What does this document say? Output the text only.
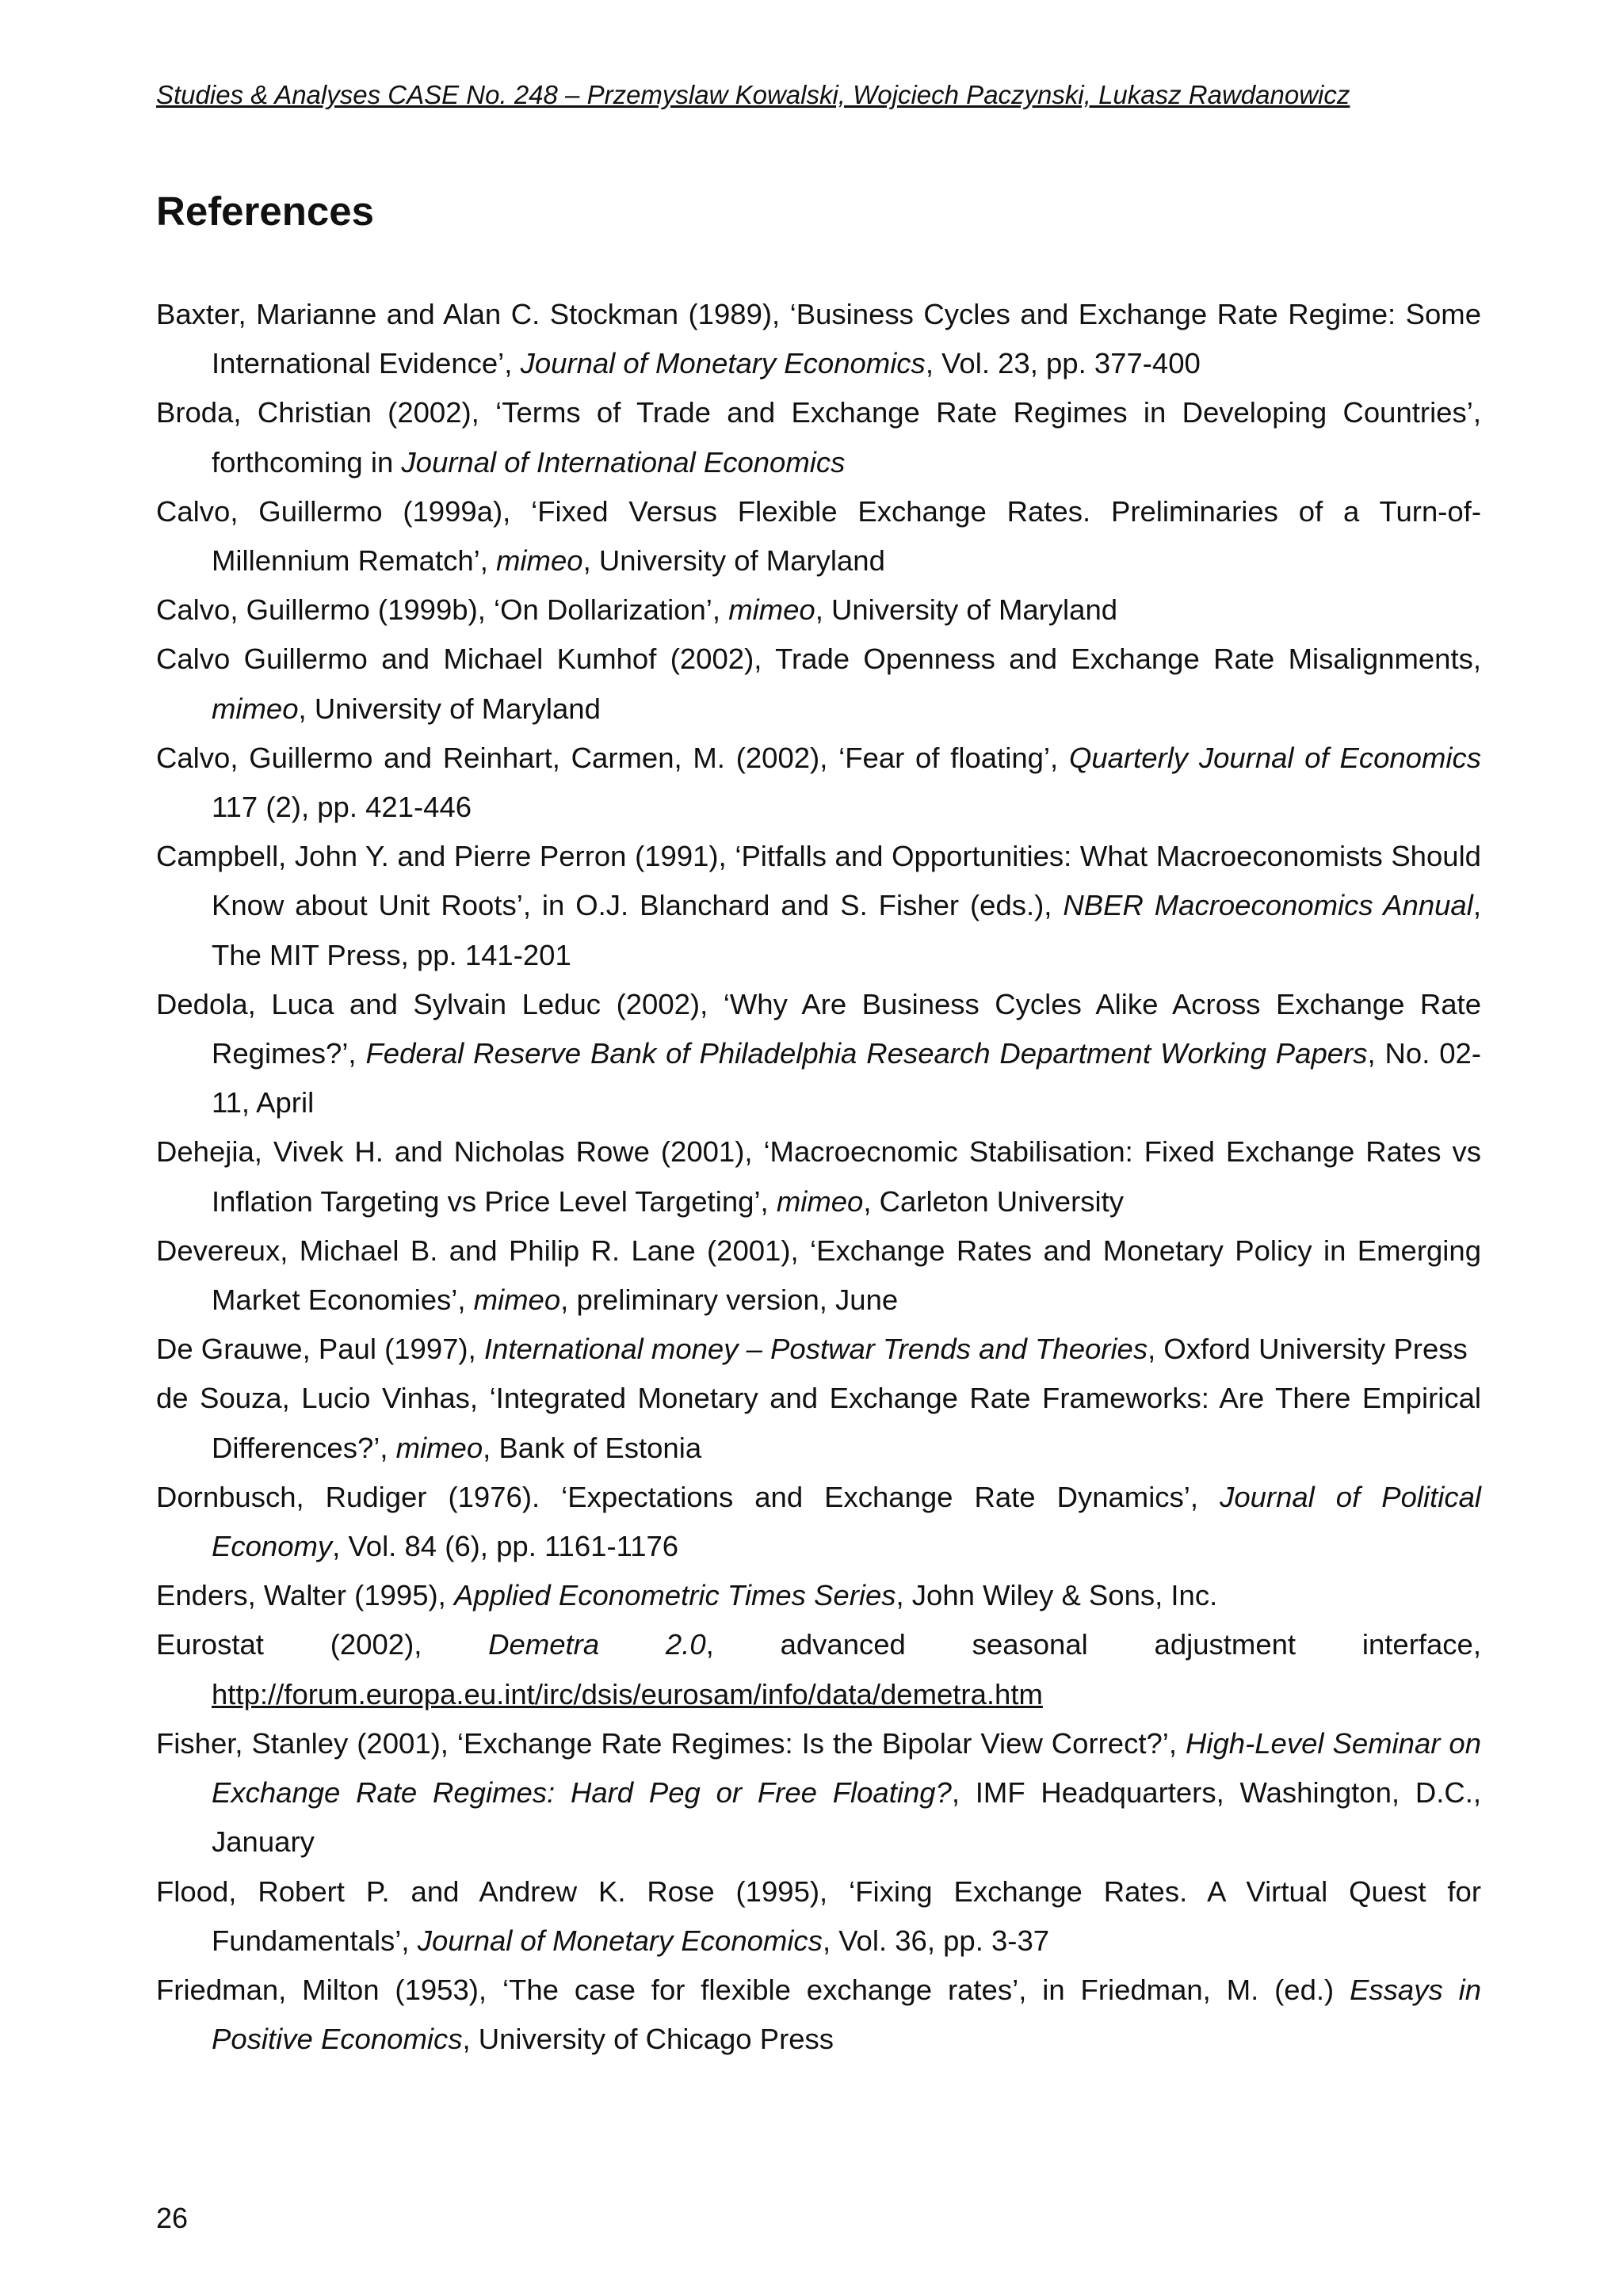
Studies & Analyses CASE No. 248 – Przemyslaw Kowalski, Wojciech Paczynski, Lukasz Rawdanowicz
References

Baxter, Marianne and Alan C. Stockman (1989), ‘Business Cycles and Exchange Rate Regime: Some International Evidence’, Journal of Monetary Economics, Vol. 23, pp. 377-400

Broda, Christian (2002), ‘Terms of Trade and Exchange Rate Regimes in Developing Countries’, forthcoming in Journal of International Economics

Calvo, Guillermo (1999a), ‘Fixed Versus Flexible Exchange Rates. Preliminaries of a Turn-of-Millennium Rematch’, mimeo, University of Maryland

Calvo, Guillermo (1999b), ‘On Dollarization’, mimeo, University of Maryland

Calvo Guillermo and Michael Kumhof (2002), Trade Openness and Exchange Rate Misalignments, mimeo, University of Maryland

Calvo, Guillermo and Reinhart, Carmen, M. (2002), ‘Fear of floating’, Quarterly Journal of Economics 117 (2), pp. 421-446

Campbell, John Y. and Pierre Perron (1991), ‘Pitfalls and Opportunities: What Macroeconomists Should Know about Unit Roots’, in O.J. Blanchard and S. Fisher (eds.), NBER Macroeconomics Annual, The MIT Press, pp. 141-201

Dedola, Luca and Sylvain Leduc (2002), ‘Why Are Business Cycles Alike Across Exchange Rate Regimes?’, Federal Reserve Bank of Philadelphia Research Department Working Papers, No. 02-11, April

Dehejia, Vivek H. and Nicholas Rowe (2001), ‘Macroecnomic Stabilisation: Fixed Exchange Rates vs Inflation Targeting vs Price Level Targeting’, mimeo, Carleton University

Devereux, Michael B. and Philip R. Lane (2001), ‘Exchange Rates and Monetary Policy in Emerging Market Economies’, mimeo, preliminary version, June

De Grauwe, Paul (1997), International money – Postwar Trends and Theories, Oxford University Press

de Souza, Lucio Vinhas, ‘Integrated Monetary and Exchange Rate Frameworks: Are There Empirical Differences?’, mimeo, Bank of Estonia

Dornbusch, Rudiger (1976). ‘Expectations and Exchange Rate Dynamics’, Journal of Political Economy, Vol. 84 (6), pp. 1161-1176

Enders, Walter (1995), Applied Econometric Times Series, John Wiley & Sons, Inc.

Eurostat (2002), Demetra 2.0, advanced seasonal adjustment interface, http://forum.europa.eu.int/irc/dsis/eurosam/info/data/demetra.htm

Fisher, Stanley (2001), ‘Exchange Rate Regimes: Is the Bipolar View Correct?’, High-Level Seminar on Exchange Rate Regimes: Hard Peg or Free Floating?, IMF Headquarters, Washington, D.C., January

Flood, Robert P. and Andrew K. Rose (1995), ‘Fixing Exchange Rates. A Virtual Quest for Fundamentals’, Journal of Monetary Economics, Vol. 36, pp. 3-37

Friedman, Milton (1953), ‘The case for flexible exchange rates’, in Friedman, M. (ed.) Essays in Positive Economics, University of Chicago Press

26
